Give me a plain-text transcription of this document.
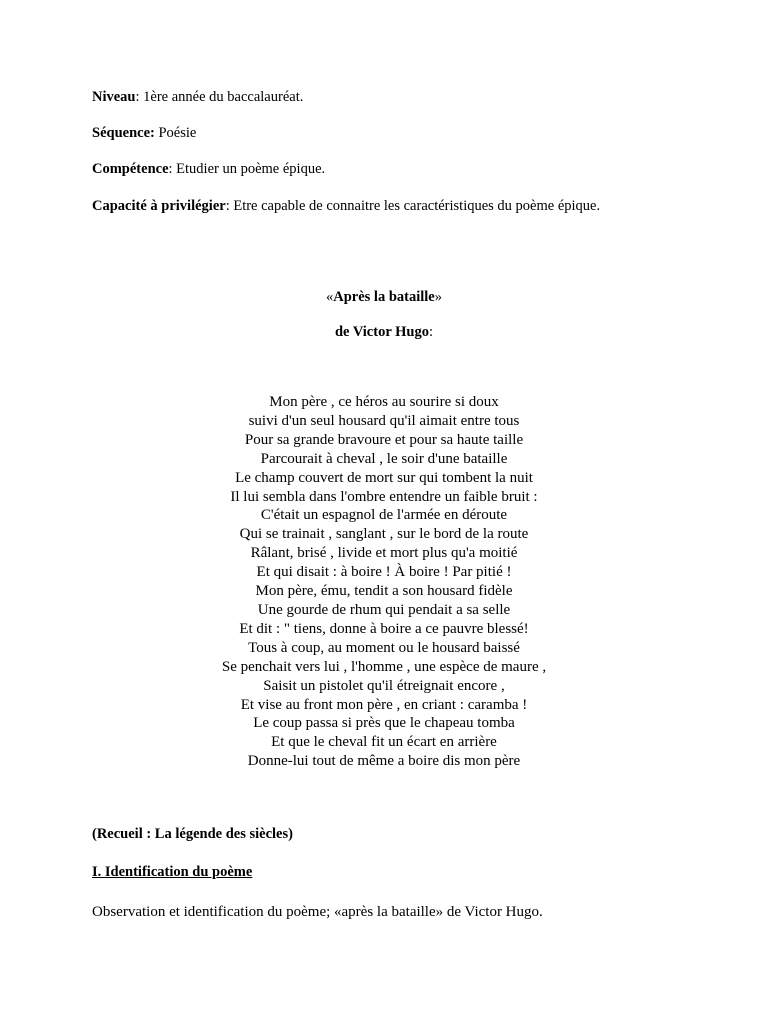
Niveau: 1ère année du baccalauréat.
Séquence: Poésie
Compétence: Etudier un poème épique.
Capacité à privilégier: Etre capable de connaitre les caractéristiques du poème épique.
«Après la bataille»
de Victor Hugo:
Mon père , ce héros au sourire si doux
suivi d'un seul housard qu'il aimait entre tous
Pour sa grande bravoure et pour sa haute taille
Parcourait à cheval , le soir d'une bataille
Le champ couvert de mort sur qui tombent la nuit
Il lui sembla dans l'ombre entendre un faible bruit :
C'était un espagnol de l'armée en déroute
Qui se trainait , sanglant , sur le bord de la route
Râlant, brisé , livide et mort plus qu'a moitié
Et qui disait : à boire ! À boire ! Par pitié !
Mon père, ému, tendit a son housard fidèle
Une gourde de rhum qui pendait a sa selle
Et dit : " tiens, donne à boire a ce pauvre blessé!
Tous à coup, au moment ou le housard baissé
Se penchait vers lui , l'homme , une espèce de maure ,
Saisit un pistolet qu'il étreignait encore ,
Et vise au front mon père , en criant : caramba !
Le coup passa si près que le chapeau tomba
Et que le cheval fit un écart en arrière
Donne-lui tout de même a boire dis mon père
(Recueil : La légende des siècles)
I. Identification du poème
Observation et identification du poème; «après la bataille» de Victor Hugo.
